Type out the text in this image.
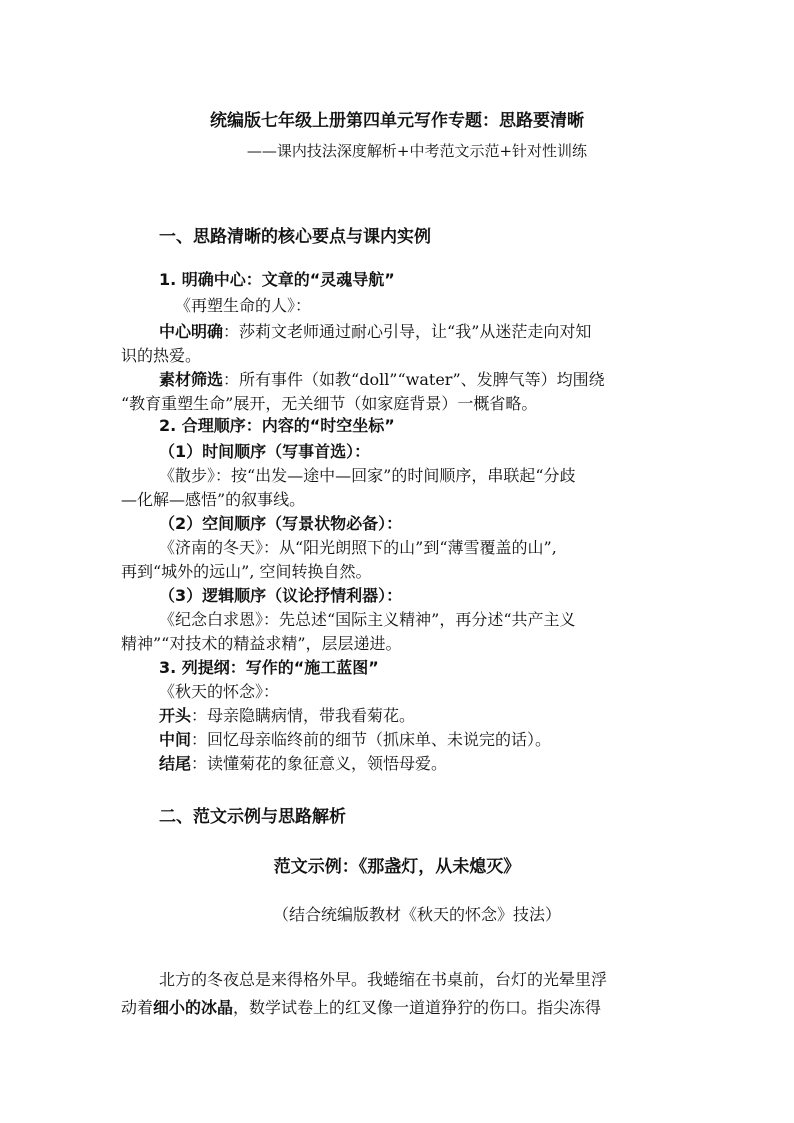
统编版七年级上册第四单元写作专题：思路要清晰
——课内技法深度解析+中考范文示范+针对性训练
一、思路清晰的核心要点与课内实例
1. 明确中心：文章的“灵魂导航”
《再塑生命的人》：
中心明确：莎莉文老师通过耐心引导，让“我”从迷茫走向对知
识的热爱。
素材筛选：所有事件（如教“doll”“water”、发脾气等）均围绕
“教育重塑生命”展开，无关细节（如家庭背景）一概省略。
2. 合理顺序：内容的“时空坐标”
（1）时间顺序（写事首选）：
《散步》：按“出发—途中—回家”的时间顺序，串联起“分歧
—化解—感悟”的叙事线。
（2）空间顺序（写景状物必备）：
《济南的冬天》：从“阳光朗照下的山”到“薄雪覆盖的山”,
再到“城外的远山”, 空间转换自然。
（3）逻辑顺序（议论抒情利器）：
《纪念白求恩》：先总述“国际主义精神”，再分述“共产主义
精神”“对技术的精益求精”，层层递进。
3. 列提纲：写作的“施工蓝图”
《秋天的怀念》：
开头：母亲隐瞒病情，带我看菊花。
中间：回忆母亲临终前的细节（抓床单、未说完的话）。
结尾：读懂菊花的象征意义，领悟母爱。
二、范文示例与思路解析
范文示例：《那盏灯，从未熄灭》
（结合统编版教材《秋天的怀念》技法）
北方的冬夜总是来得格外早。我蜷缩在书桌前，台灯的光晕里浮
动着细小的冰晶，数学试卷上的红叉像一道道狰狞的伤口。指尖冻得
